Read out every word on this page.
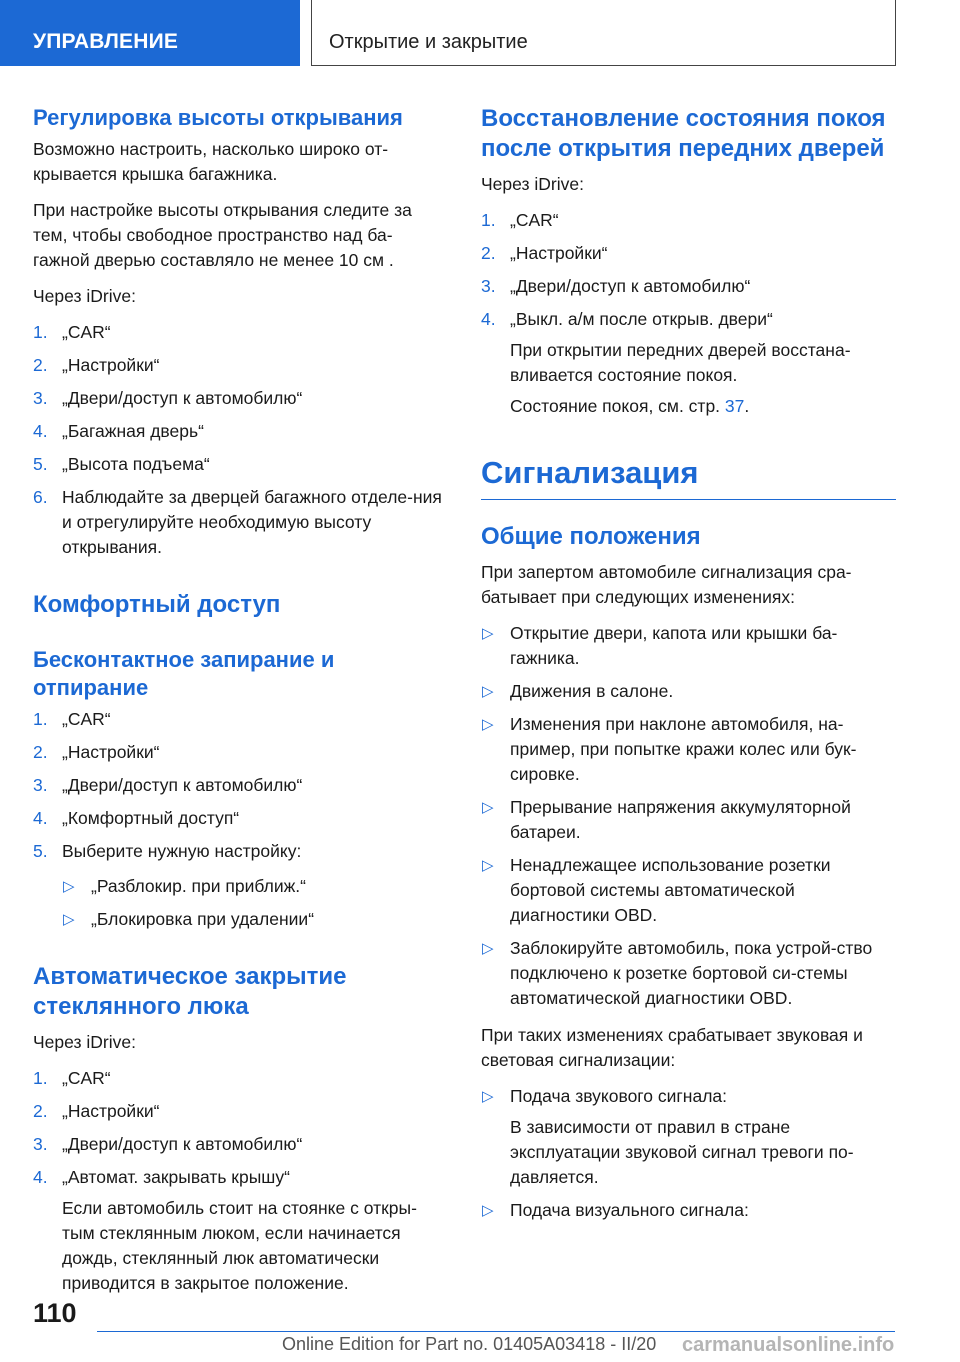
УПРАВЛЕНИЕ	Открытие и закрытие
Регулировка высоты открывания

Возможно настроить, насколько широко от-крывается крышка багажника.

При настройке высоты открывания следите за тем, чтобы свободное пространство над ба-гажной дверью составляло не менее 10 см .

Через iDrive:

1. „CAR“
2. „Настройки“
3. „Двери/доступ к автомобилю“
4. „Багажная дверь“
5. „Высота подъема“
6. Наблюдайте за дверцей багажного отделе-ния и отрегулируйте необходимую высоту открывания.
Комфортный доступ
Бесконтактное запирание и отпирание
1. „CAR“
2. „Настройки“
3. „Двери/доступ к автомобилю“
4. „Комфортный доступ“
5. Выберите нужную настройку:
▷ „Разблокир. при приближ.“
▷ „Блокировка при удалении“
Автоматическое закрытие стеклянного люка

Через iDrive:

1. „CAR“
2. „Настройки“
3. „Двери/доступ к автомобилю“
4. „Автомат. закрывать крышу“

Если автомобиль стоит на стоянке с откры-тым стеклянным люком, если начинается дождь, стеклянный люк автоматически приводится в закрытое положение.

Восстановление состояния покоя после открытия передних дверей

Через iDrive:

1. „CAR“
2. „Настройки“
3. „Двери/доступ к автомобилю“
4. „Выкл. а/м после открыв. двери“

При открытии передних дверей восстана-вливается состояние покоя.

Состояние покоя, см. стр. 37.

Сигнализация
Общие положения

При запертом автомобиле сигнализация сра-батывает при следующих изменениях:

▷ Открытие двери, капота или крышки ба-гажника.
▷ Движения в салоне.
▷ Изменения при наклоне автомобиля, на-пример, при попытке кражи колес или бук-сировке.
▷ Прерывание напряжения аккумуляторной батареи.
▷ Ненадлежащее использование розетки бортовой системы автоматической диагностики OBD.
▷ Заблокируйте автомобиль, пока устрой-ство подключено к розетке бортовой си-стемы автоматической диагностики OBD.

При таких изменениях срабатывает звуковая и световая сигнализации:

▷ Подача звукового сигнала:

В зависимости от правил в стране эксплуатации звуковой сигнал тревоги по-давляется.

▷ Подача визуального сигнала:
110
Online Edition for Part no. 01405A03418 - II/20 carmanualsonline.info
